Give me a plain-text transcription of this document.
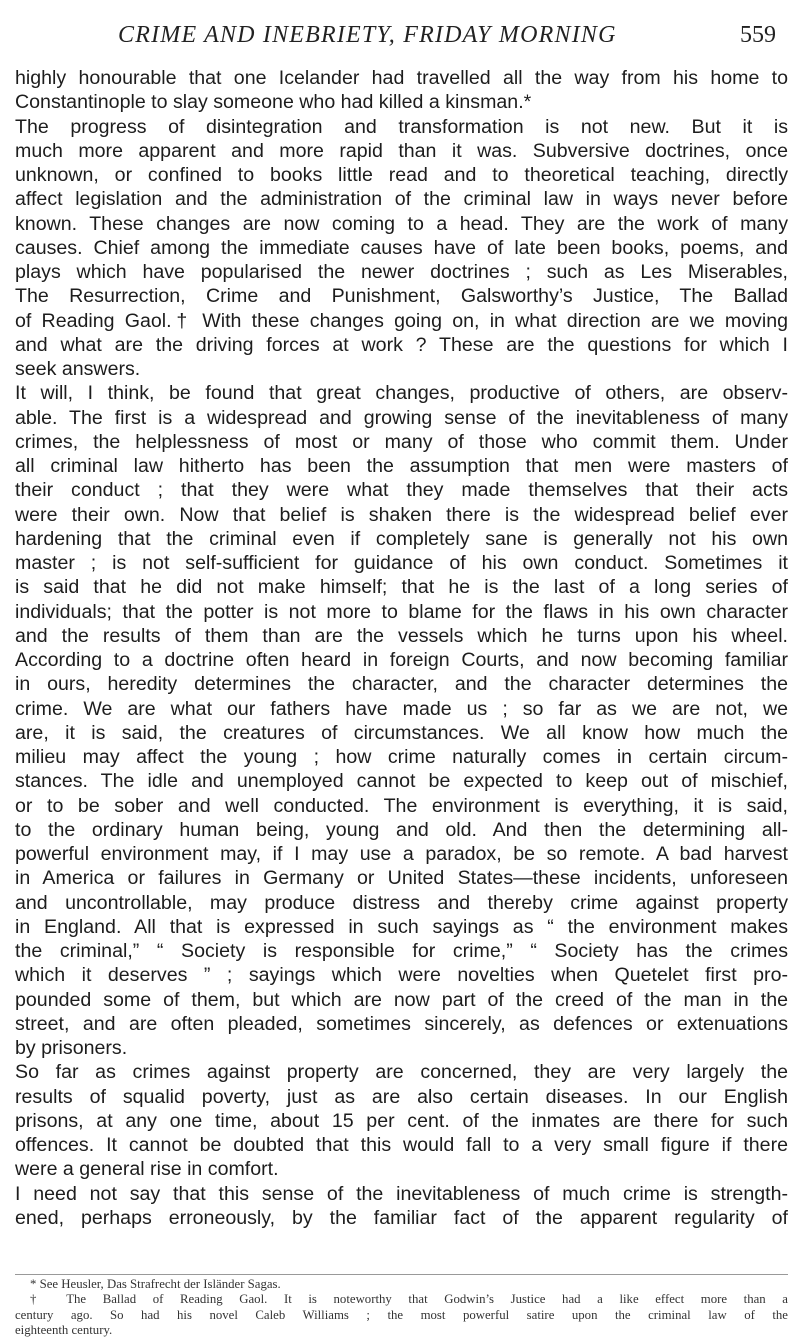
CRIME AND INEBRIETY, FRIDAY MORNING	559
highly honourable that one Icelander had travelled all the way from his home to
Constantinople to slay someone who had killed a kinsman.*
The progress of disintegration and transformation is not new. But it is
much more apparent and more rapid than it was. Subversive doctrines, once
unknown, or confined to books little read and to theoretical teaching, directly
affect legislation and the administration of the criminal law in ways never before
known. These changes are now coming to a head. They are the work of many
causes. Chief among the immediate causes have of late been books, poems, and
plays which have popularised the newer doctrines ; such as Les Miserables,
The Resurrection, Crime and Punishment, Galsworthy’s Justice, The Ballad
of Reading Gaol.† With these changes going on, in what direction are we moving
and what are the driving forces at work ? These are the questions for which I
seek answers.
It will, I think, be found that great changes, productive of others, are observ-
able. The first is a widespread and growing sense of the inevitableness of many
crimes, the helplessness of most or many of those who commit them. Under
all criminal law hitherto has been the assumption that men were masters of
their conduct ; that they were what they made themselves that their acts
were their own. Now that belief is shaken there is the widespread belief ever
hardening that the criminal even if completely sane is generally not his own
master ; is not self-sufficient for guidance of his own conduct. Sometimes it
is said that he did not make himself; that he is the last of a long series of
individuals; that the potter is not more to blame for the flaws in his own character
and the results of them than are the vessels which he turns upon his wheel.
According to a doctrine often heard in foreign Courts, and now becoming familiar
in ours, heredity determines the character, and the character determines the
crime. We are what our fathers have made us ; so far as we are not, we
are, it is said, the creatures of circumstances. We all know how much the
milieu may affect the young ; how crime naturally comes in certain circum-
stances. The idle and unemployed cannot be expected to keep out of mischief,
or to be sober and well conducted. The environment is everything, it is said,
to the ordinary human being, young and old. And then the determining all-
powerful environment may, if I may use a paradox, be so remote. A bad harvest
in America or failures in Germany or United States—these incidents, unforeseen
and uncontrollable, may produce distress and thereby crime against property
in England. All that is expressed in such sayings as “ the environment makes
the criminal,” “ Society is responsible for crime,” “ Society has the crimes
which it deserves ” ; sayings which were novelties when Quetelet first pro-
pounded some of them, but which are now part of the creed of the man in the
street, and are often pleaded, sometimes sincerely, as defences or extenuations
by prisoners.
So far as crimes against property are concerned, they are very largely the
results of squalid poverty, just as are also certain diseases. In our English
prisons, at any one time, about 15 per cent. of the inmates are there for such
offences. It cannot be doubted that this would fall to a very small figure if there
were a general rise in comfort.
I need not say that this sense of the inevitableness of much crime is strength-
ened, perhaps erroneously, by the familiar fact of the apparent regularity of
* See Heusler, Das Strafrecht der Isländer Sagas.
† The Ballad of Reading Gaol. It is noteworthy that Godwin’s Justice had a like effect more than a
century ago. So had his novel Caleb Williams ; the most powerful satire upon the criminal law of the
eighteenth century.
